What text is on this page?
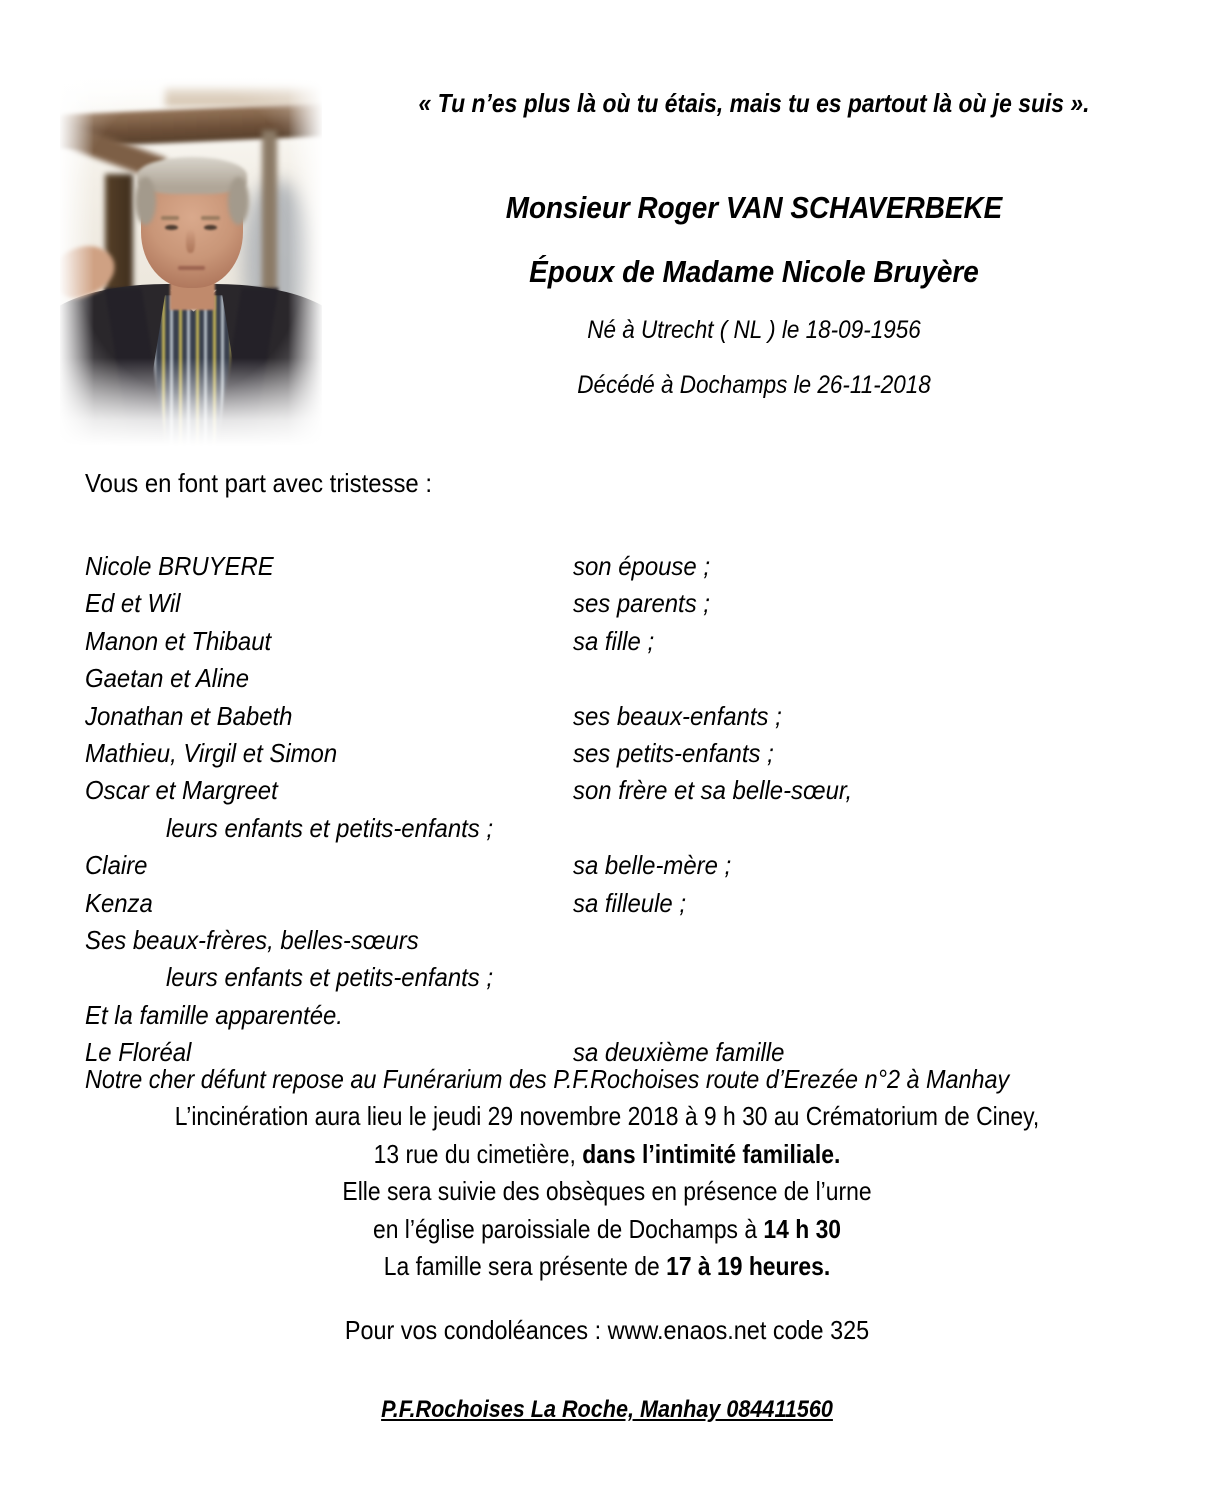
« Tu n’es plus là où tu étais, mais tu es partout là où je suis ».
Monsieur Roger VAN SCHAVERBEKE
Époux de Madame Nicole Bruyère
Né à Utrecht ( NL ) le 18-09-1956
Décédé à Dochamps le 26-11-2018
Vous en font part avec tristesse :
Nicole BRUYERE	son épouse ;
Ed et Wil	ses parents ;
Manon et Thibaut	sa fille ;
Gaetan et Aline
Jonathan et Babeth	ses beaux-enfants ;
Mathieu, Virgil et Simon	ses petits-enfants ;
Oscar et Margreet	son frère et sa belle-sœur,
leurs enfants et petits-enfants ;
Claire	sa belle-mère ;
Kenza	sa filleule ;
Ses beaux-frères, belles-sœurs
leurs enfants et petits-enfants ;
Et la famille apparentée.
Le Floréal	sa deuxième famille
Notre cher défunt repose au Funérarium des P.F.Rochoises route d’Erezée n°2 à Manhay
L’incinération aura lieu le jeudi 29 novembre 2018 à 9 h 30 au Crématorium de Ciney,
13 rue du cimetière, dans l’intimité familiale.
Elle sera suivie des obsèques en présence de l’urne
en l’église paroissiale de Dochamps à 14 h 30
La famille sera présente de 17 à 19 heures.
Pour vos condoléances : www.enaos.net code 325
P.F.Rochoises La Roche, Manhay 084411560
